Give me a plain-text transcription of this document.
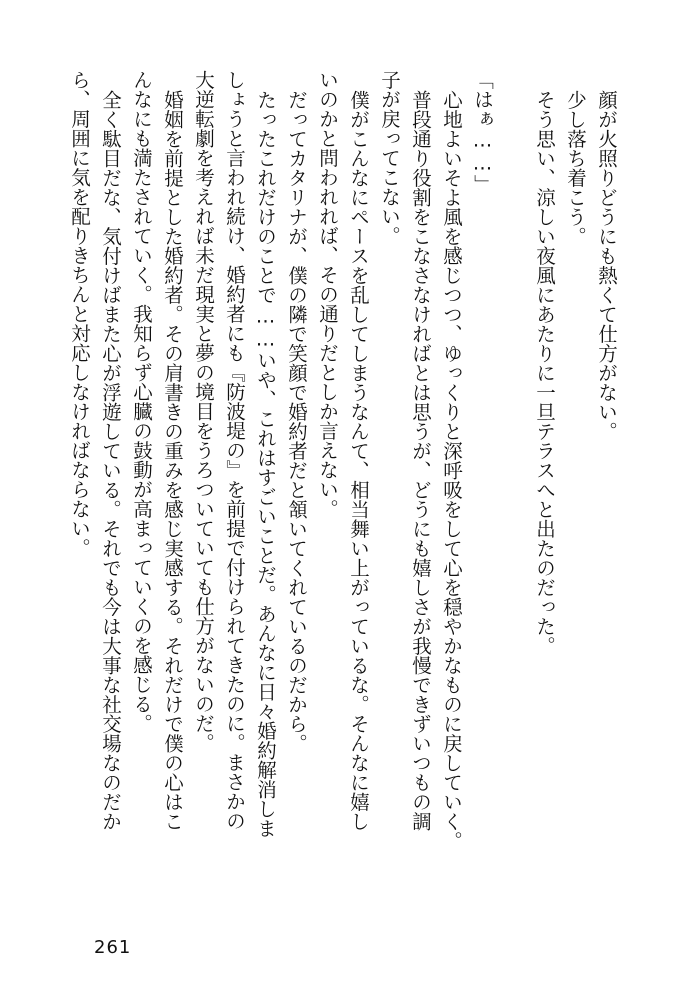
顔が火照りどうにも熱くて仕方がない。
少し落ち着こう。
そう思い、涼しい夜風にあたりに一旦テラスへと出たのだった。
「はぁ……」
心地よいそよ風を感じつつ、ゆっくりと深呼吸をして心を穏やかなものに戻していく。
普段通り役割をこなさなければとは思うが、どうにも嬉しさが我慢できずいつもの調
子が戻ってこない。
僕がこんなにペースを乱してしまうなんて、相当舞い上がっているな。そんなに嬉し
いのかと問われれば、その通りだとしか言えない。
だってカタリナが、僕の隣で笑顔で婚約者だと頷いてくれているのだから。
たったこれだけのことで……いや、これはすごいことだ。あんなに日々婚約解消しま
しょうと言われ続け、婚約者にも『防波堤の』を前提で付けられてきたのに。まさかの
大逆転劇を考えれば未だ現実と夢の境目をうろついていても仕方がないのだ。
婚姻を前提とした婚約者。その肩書きの重みを感じ実感する。それだけで僕の心はこ
んなにも満たされていく。我知らず心臓の鼓動が高まっていくのを感じる。
全く駄目だな、気付けばまた心が浮遊している。それでも今は大事な社交場なのだか
ら、周囲に気を配りきちんと対応しなければならない。
261
